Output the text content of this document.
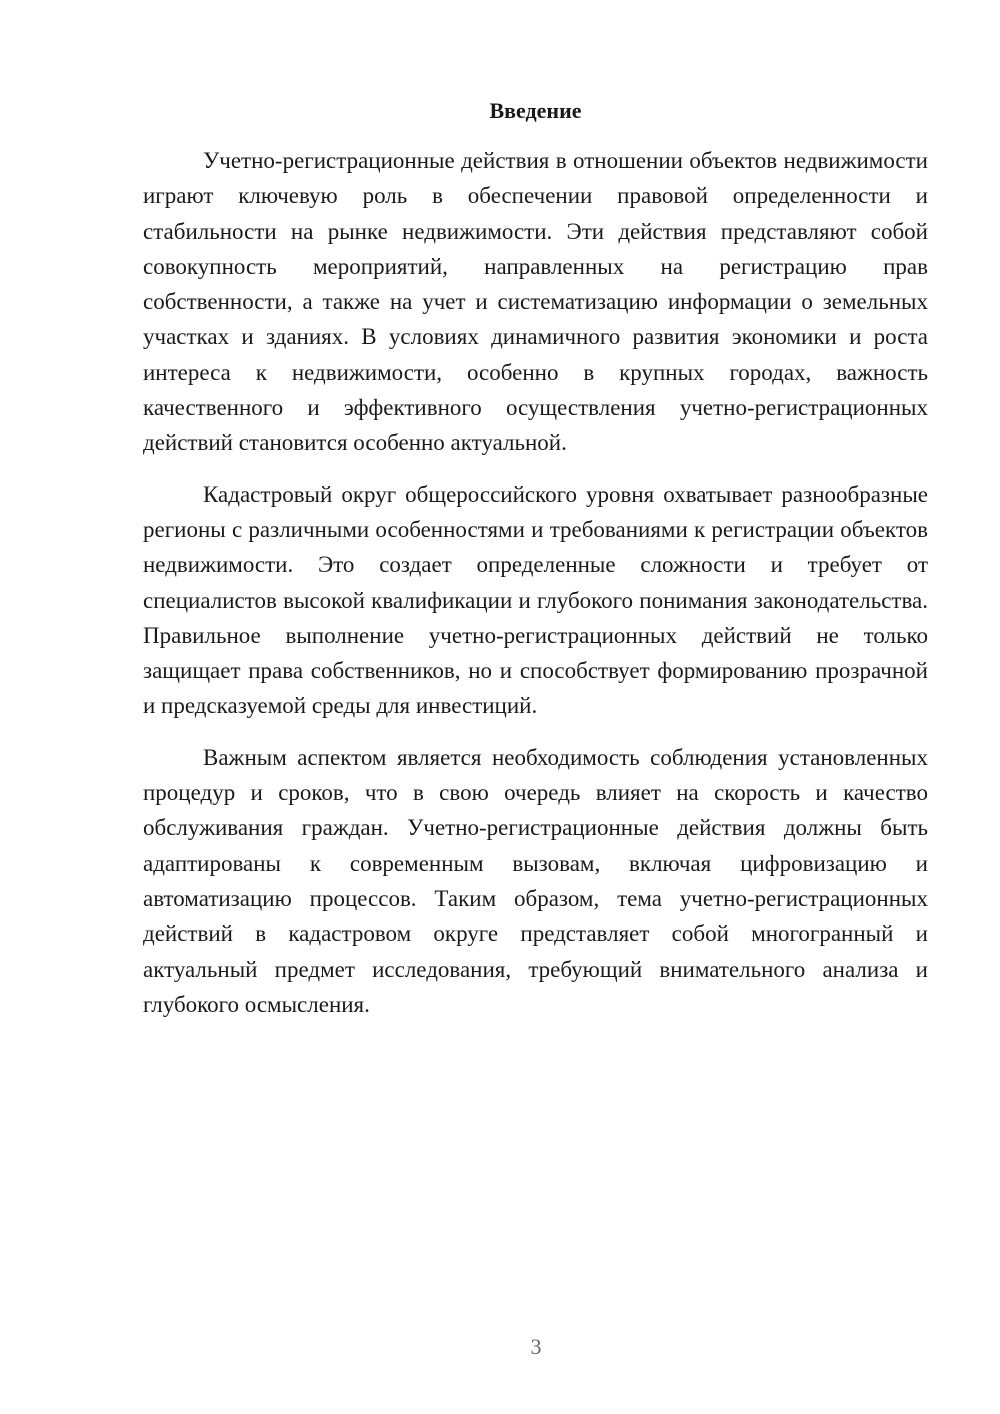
Введение

Учетно-регистрационные действия в отношении объектов недвижимости играют ключевую роль в обеспечении правовой определенности и стабильности на рынке недвижимости. Эти действия представляют собой совокупность мероприятий, направленных на регистрацию прав собственности, а также на учет и систематизацию информации о земельных участках и зданиях. В условиях динамичного развития экономики и роста интереса к недвижимости, особенно в крупных городах, важность качественного и эффективного осуществления учетно-регистрационных действий становится особенно актуальной.

Кадастровый округ общероссийского уровня охватывает разнообразные регионы с различными особенностями и требованиями к регистрации объектов недвижимости. Это создает определенные сложности и требует от специалистов высокой квалификации и глубокого понимания законодательства. Правильное выполнение учетно-регистрационных действий не только защищает права собственников, но и способствует формированию прозрачной и предсказуемой среды для инвестиций.

Важным аспектом является необходимость соблюдения установленных процедур и сроков, что в свою очередь влияет на скорость и качество обслуживания граждан. Учетно-регистрационные действия должны быть адаптированы к современным вызовам, включая цифровизацию и автоматизацию процессов. Таким образом, тема учетно-регистрационных действий в кадастровом округе представляет собой многогранный и актуальный предмет исследования, требующий внимательного анализа и глубокого осмысления.

3
